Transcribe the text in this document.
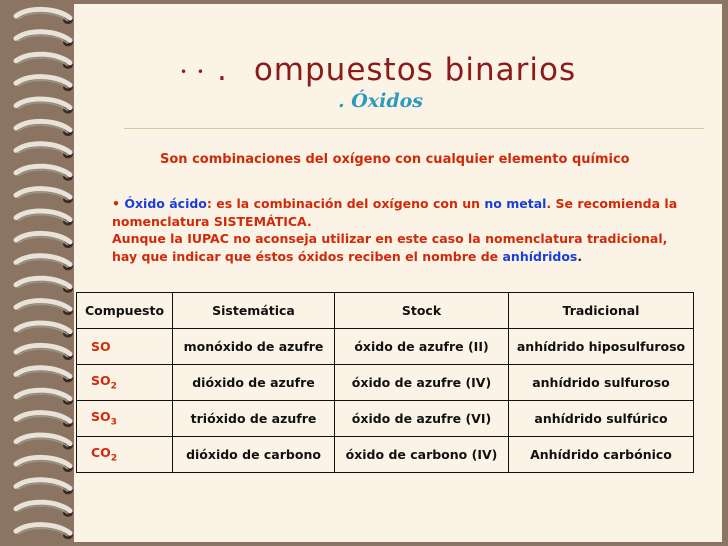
• • . ompuestos binarios
. Óxidos
Son combinaciones del oxígeno con cualquier elemento químico
• Óxido ácido: es la combinación del oxígeno con un no metal. Se recomienda la nomenclatura SISTEMÁTICA.
Aunque la IUPAC no aconseja utilizar en este caso la nomenclatura tradicional, hay que indicar que éstos óxidos reciben el nombre de anhídridos.
Compuesto	Sistemática	Stock	Tradicional
SO	monóxido de azufre	óxido de azufre (II)	anhídrido hiposulfuroso
$SO_2$	dióxido de azufre	óxido de azufre (IV)	anhídrido sulfuroso
$SO_3$	trióxido de azufre	óxido de azufre (VI)	anhídrido sulfúrico
$CO_2$	dióxido de carbono	óxido de carbono (IV)	Anhídrido carbónico
